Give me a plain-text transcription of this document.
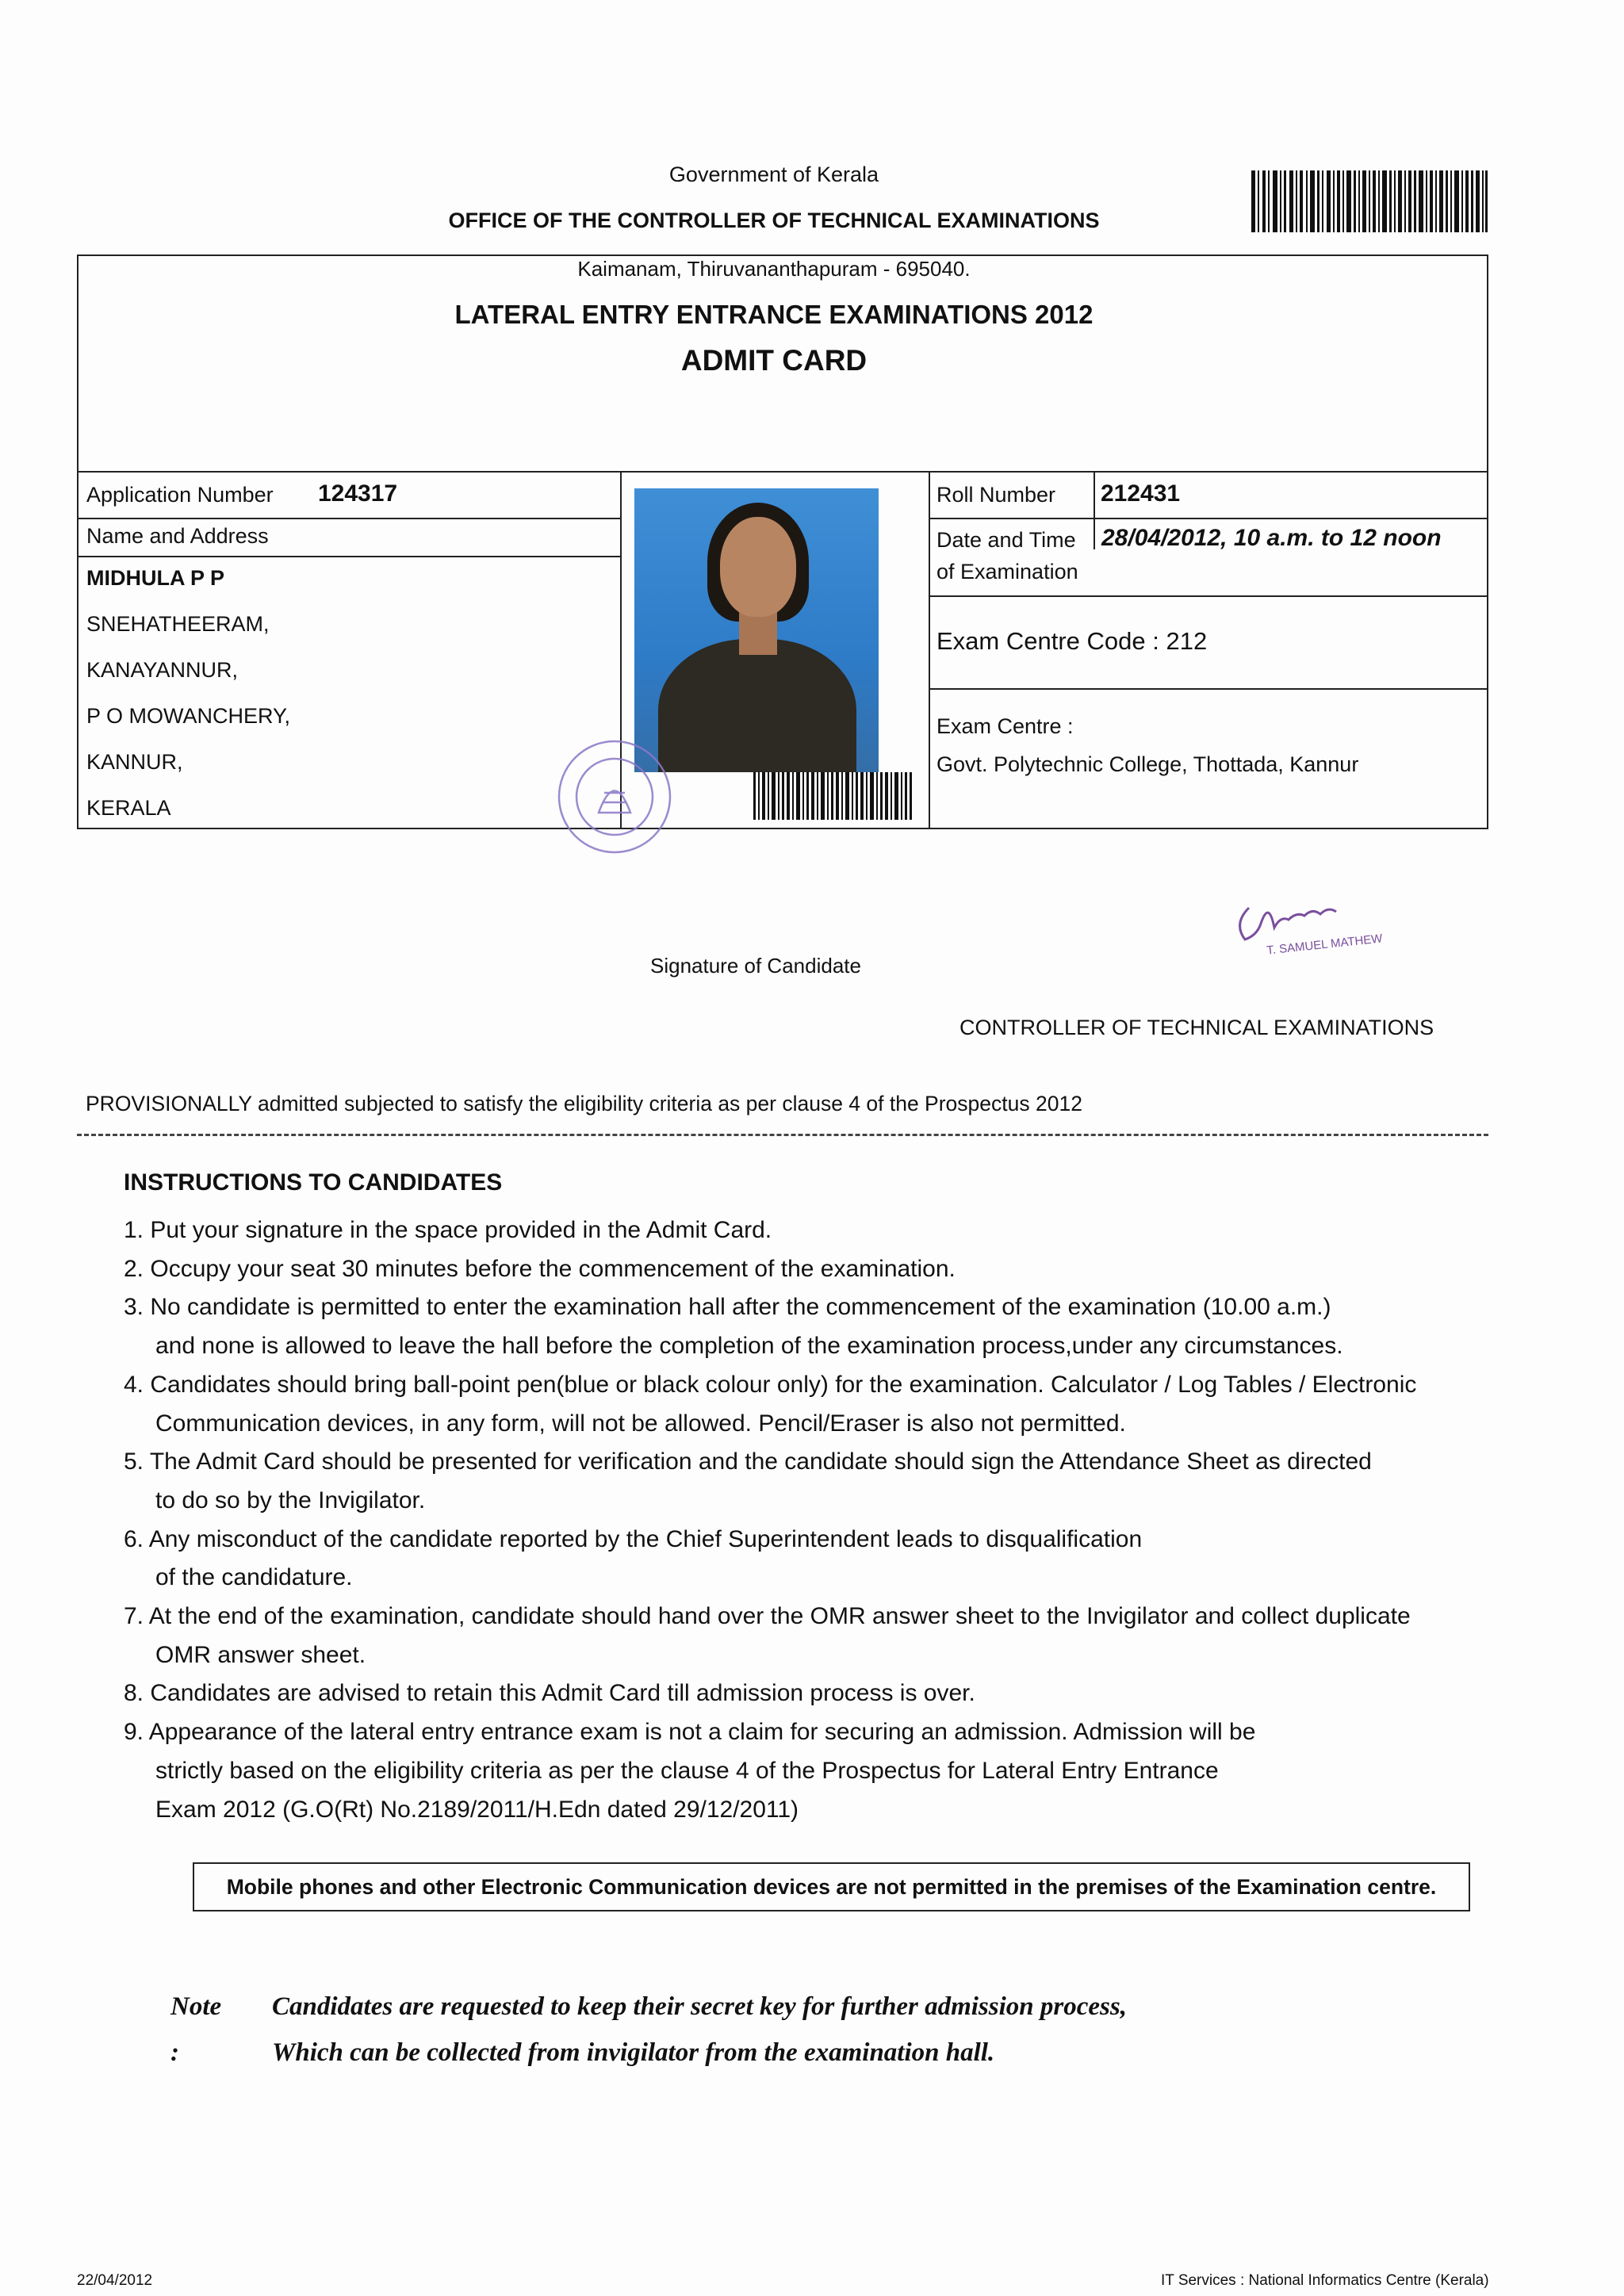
Government of Kerala
OFFICE OF THE CONTROLLER OF TECHNICAL EXAMINATIONS
Kaimanam, Thiruvananthapuram - 695040.
LATERAL ENTRY ENTRANCE EXAMINATIONS 2012
ADMIT CARD
Application Number 124317
Name and Address
MIDHULA P P
SNEHATHEERAM,
KANAYANNUR,
P O MOWANCHERY,
KANNUR,
KERALA
Roll Number 212431
Date and Time
of Examination
28/04/2012, 10 a.m. to 12 noon
Exam Centre Code : 212
Exam Centre :
Govt. Polytechnic College, Thottada, Kannur
Signature of Candidate
T. SAMUEL MATHEW
CONTROLLER OF TECHNICAL EXAMINATIONS
PROVISIONALLY admitted subjected to satisfy the eligibility criteria as per clause 4 of the Prospectus 2012
INSTRUCTIONS TO CANDIDATES
1. Put your signature in the space provided in the Admit Card.
2. Occupy your seat 30 minutes before the commencement of the examination.
3. No candidate is permitted to enter the examination hall after the commencement of the examination (10.00 a.m.)
and none is allowed to leave the hall before the completion of the examination process,under any circumstances.
4. Candidates should bring ball-point pen(blue or black colour only) for the examination. Calculator / Log Tables / Electronic
Communication devices, in any form, will not be allowed. Pencil/Eraser is also not permitted.
5. The Admit Card should be presented for verification and the candidate should sign the Attendance Sheet as directed
to do so by the Invigilator.
6. Any misconduct of the candidate reported by the Chief Superintendent leads to disqualification
of the candidature.
7. At the end of the examination, candidate should hand over the OMR answer sheet to the Invigilator and collect duplicate
OMR answer sheet.
8. Candidates are advised to retain this Admit Card till admission process is over.
9. Appearance of the lateral entry entrance exam is not a claim for securing an admission. Admission will be
strictly based on the eligibility criteria as per the clause 4 of the Prospectus for Lateral Entry Entrance
Exam 2012 (G.O(Rt) No.2189/2011/H.Edn dated 29/12/2011)
Mobile phones and other Electronic Communication devices are not permitted in the premises of the Examination centre.
Note :
Candidates are requested to keep their secret key for further admission process,
Which can be collected from invigilator from the examination hall.
22/04/2012	IT Services : National Informatics Centre (Kerala)
